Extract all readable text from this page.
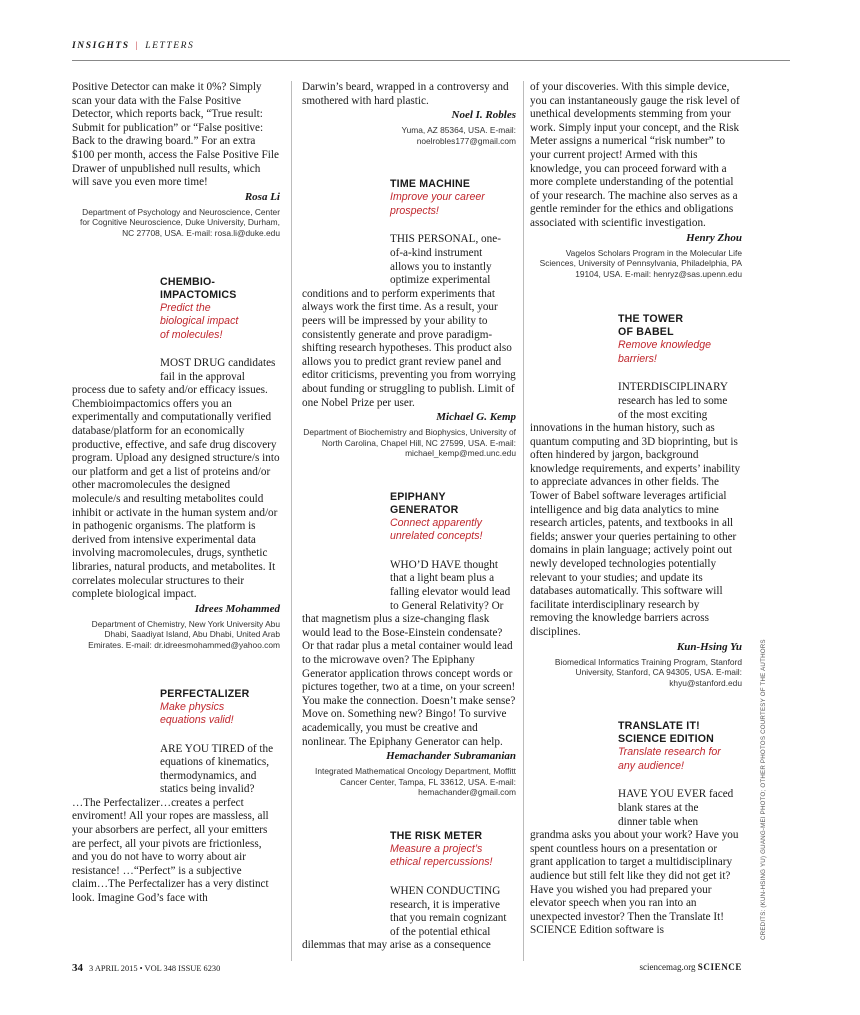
INSIGHTS | LETTERS

Positive Detector can make it 0%? Simply scan your data with the False Positive Detector, which reports back, “True result: Submit for publication” or “False positive: Back to the drawing board.” For an extra $100 per month, access the False Positive File Drawer of unpublished null results, which will save you even more time!

Rosa Li

Department of Psychology and Neuroscience, Center for Cognitive Neuroscience, Duke University, Durham, NC 27708, USA. E-mail: rosa.li@duke.edu

CHEMBIO-

IMPACTOMICS

Predict the

biological impact

of molecules!

MOST DRUG candidates

fail in the approval

process due to safety and/or efficacy issues. Chembioimpactomics offers you an experimentally and computationally verified database/platform for an economically productive, effective, and safe drug discovery program. Upload any designed structure/s into our platform and get a list of proteins and/or other macromolecules the designed molecule/s and resulting metabolites could inhibit or activate in the human system and/or in pathogenic organisms. The platform is derived from intensive experimental data involving macromolecules, drugs, synthetic libraries, natural products, and metabolites. It correlates molecular structures to their complete biological impact.

Idrees Mohammed

Department of Chemistry, New York University Abu Dhabi, Saadiyat Island, Abu Dhabi, United Arab Emirates. E-mail: dr.idreesmohammed@yahoo.com

PERFECTALIZER

Make physics

equations valid!

ARE YOU TIRED of the

equations of kinematics,

thermodynamics, and

statics being invalid?

…The Perfectalizer…creates a perfect enviroment! All your ropes are massless, all your absorbers are perfect, all your emitters are perfect, all your pivots are frictionless, and you do not have to worry about air resistance! …“Perfect” is a subjective claim…The Perfectalizer has a very distinct look. Imagine God’s face with

Darwin’s beard, wrapped in a controversy and smothered with hard plastic.

Noel I. Robles

Yuma, AZ 85364, USA. E-mail: noelrobles177@gmail.com

TIME MACHINE

Improve your career

prospects!

THIS PERSONAL, one-

of-a-kind instrument

allows you to instantly

optimize experimental

conditions and to perform experiments that always work the first time. As a result, your peers will be impressed by your ability to consistently generate and prove paradigm-shifting research hypotheses. This product also allows you to predict grant review panel and editor criticisms, preventing you from worrying about funding or struggling to publish. Limit of one Nobel Prize per user.

Michael G. Kemp

Department of Biochemistry and Biophysics, University of North Carolina, Chapel Hill, NC 27599, USA. E-mail: michael_kemp@med.unc.edu

EPIPHANY GENERATOR

Connect apparently

unrelated concepts!

WHO’D HAVE thought

that a light beam plus a

falling elevator would lead

to General Relativity? Or

that magnetism plus a size-changing flask would lead to the Bose-Einstein condensate? Or that radar plus a metal container would lead to the microwave oven? The Epiphany Generator application throws concept words or pictures together, two at a time, on your screen! You make the connection. Doesn’t make sense? Move on. Something new? Bingo! To survive academically, you must be creative and nonlinear. The Epiphany Generator can help.

Hemachander Subramanian

Integrated Mathematical Oncology Department, Moffitt Cancer Center, Tampa, FL 33612, USA. E-mail: hemachander@gmail.com

THE RISK METER

Measure a project’s

ethical repercussions!

WHEN CONDUCTING

research, it is imperative

that you remain cognizant

of the potential ethical

dilemmas that may arise as a consequence

of your discoveries. With this simple device, you can instantaneously gauge the risk level of unethical developments stemming from your work. Simply input your concept, and the Risk Meter assigns a numerical “risk number” to your current project! Armed with this knowledge, you can proceed forward with a more complete understanding of the potential of your research. The machine also serves as a gentle reminder for the ethics and obligations associated with scientific investigation.

Henry Zhou

Vagelos Scholars Program in the Molecular Life Sciences, University of Pennsylvania, Philadelphia, PA 19104, USA. E-mail: henryz@sas.upenn.edu

THE TOWER

OF BABEL

Remove knowledge

barriers!

INTERDISCIPLINARY

research has led to some

of the most exciting

innovations in the human history, such as quantum computing and 3D bioprinting, but is often hindered by jargon, background knowledge requirements, and experts’ inability to appreciate advances in other fields. The Tower of Babel software leverages artificial intelligence and big data analytics to mine research articles, patents, and textbooks in all fields; answer your queries pertaining to other domains in plain language; actively point out newly developed technologies potentially relevant to your studies; and update its databases automatically. This software will facilitate interdisciplinary research by removing the knowledge barriers across disciplines.

Kun-Hsing Yu

Biomedical Informatics Training Program, Stanford University, Stanford, CA 94305, USA. E-mail: khyu@stanford.edu

TRANSLATE IT!

SCIENCE EDITION

Translate research for

any audience!

HAVE YOU EVER faced

blank stares at the

dinner table when

grandma asks you about your work? Have you spent countless hours on a presentation or grant application to target a multidisciplinary audience but still felt like they did not get it? Have you wished you had prepared your elevator speech when you ran into an unexpected investor? Then the Translate It! SCIENCE Edition software is	CREDITS: (KUN-HSING YU) GUANG-MEI PHOTO; OTHER PHOTOS COURTESY OF THE AUTHORS
34 3 APRIL 2015 • VOL 348 ISSUE 6230	sciencemag.org SCIENCE
